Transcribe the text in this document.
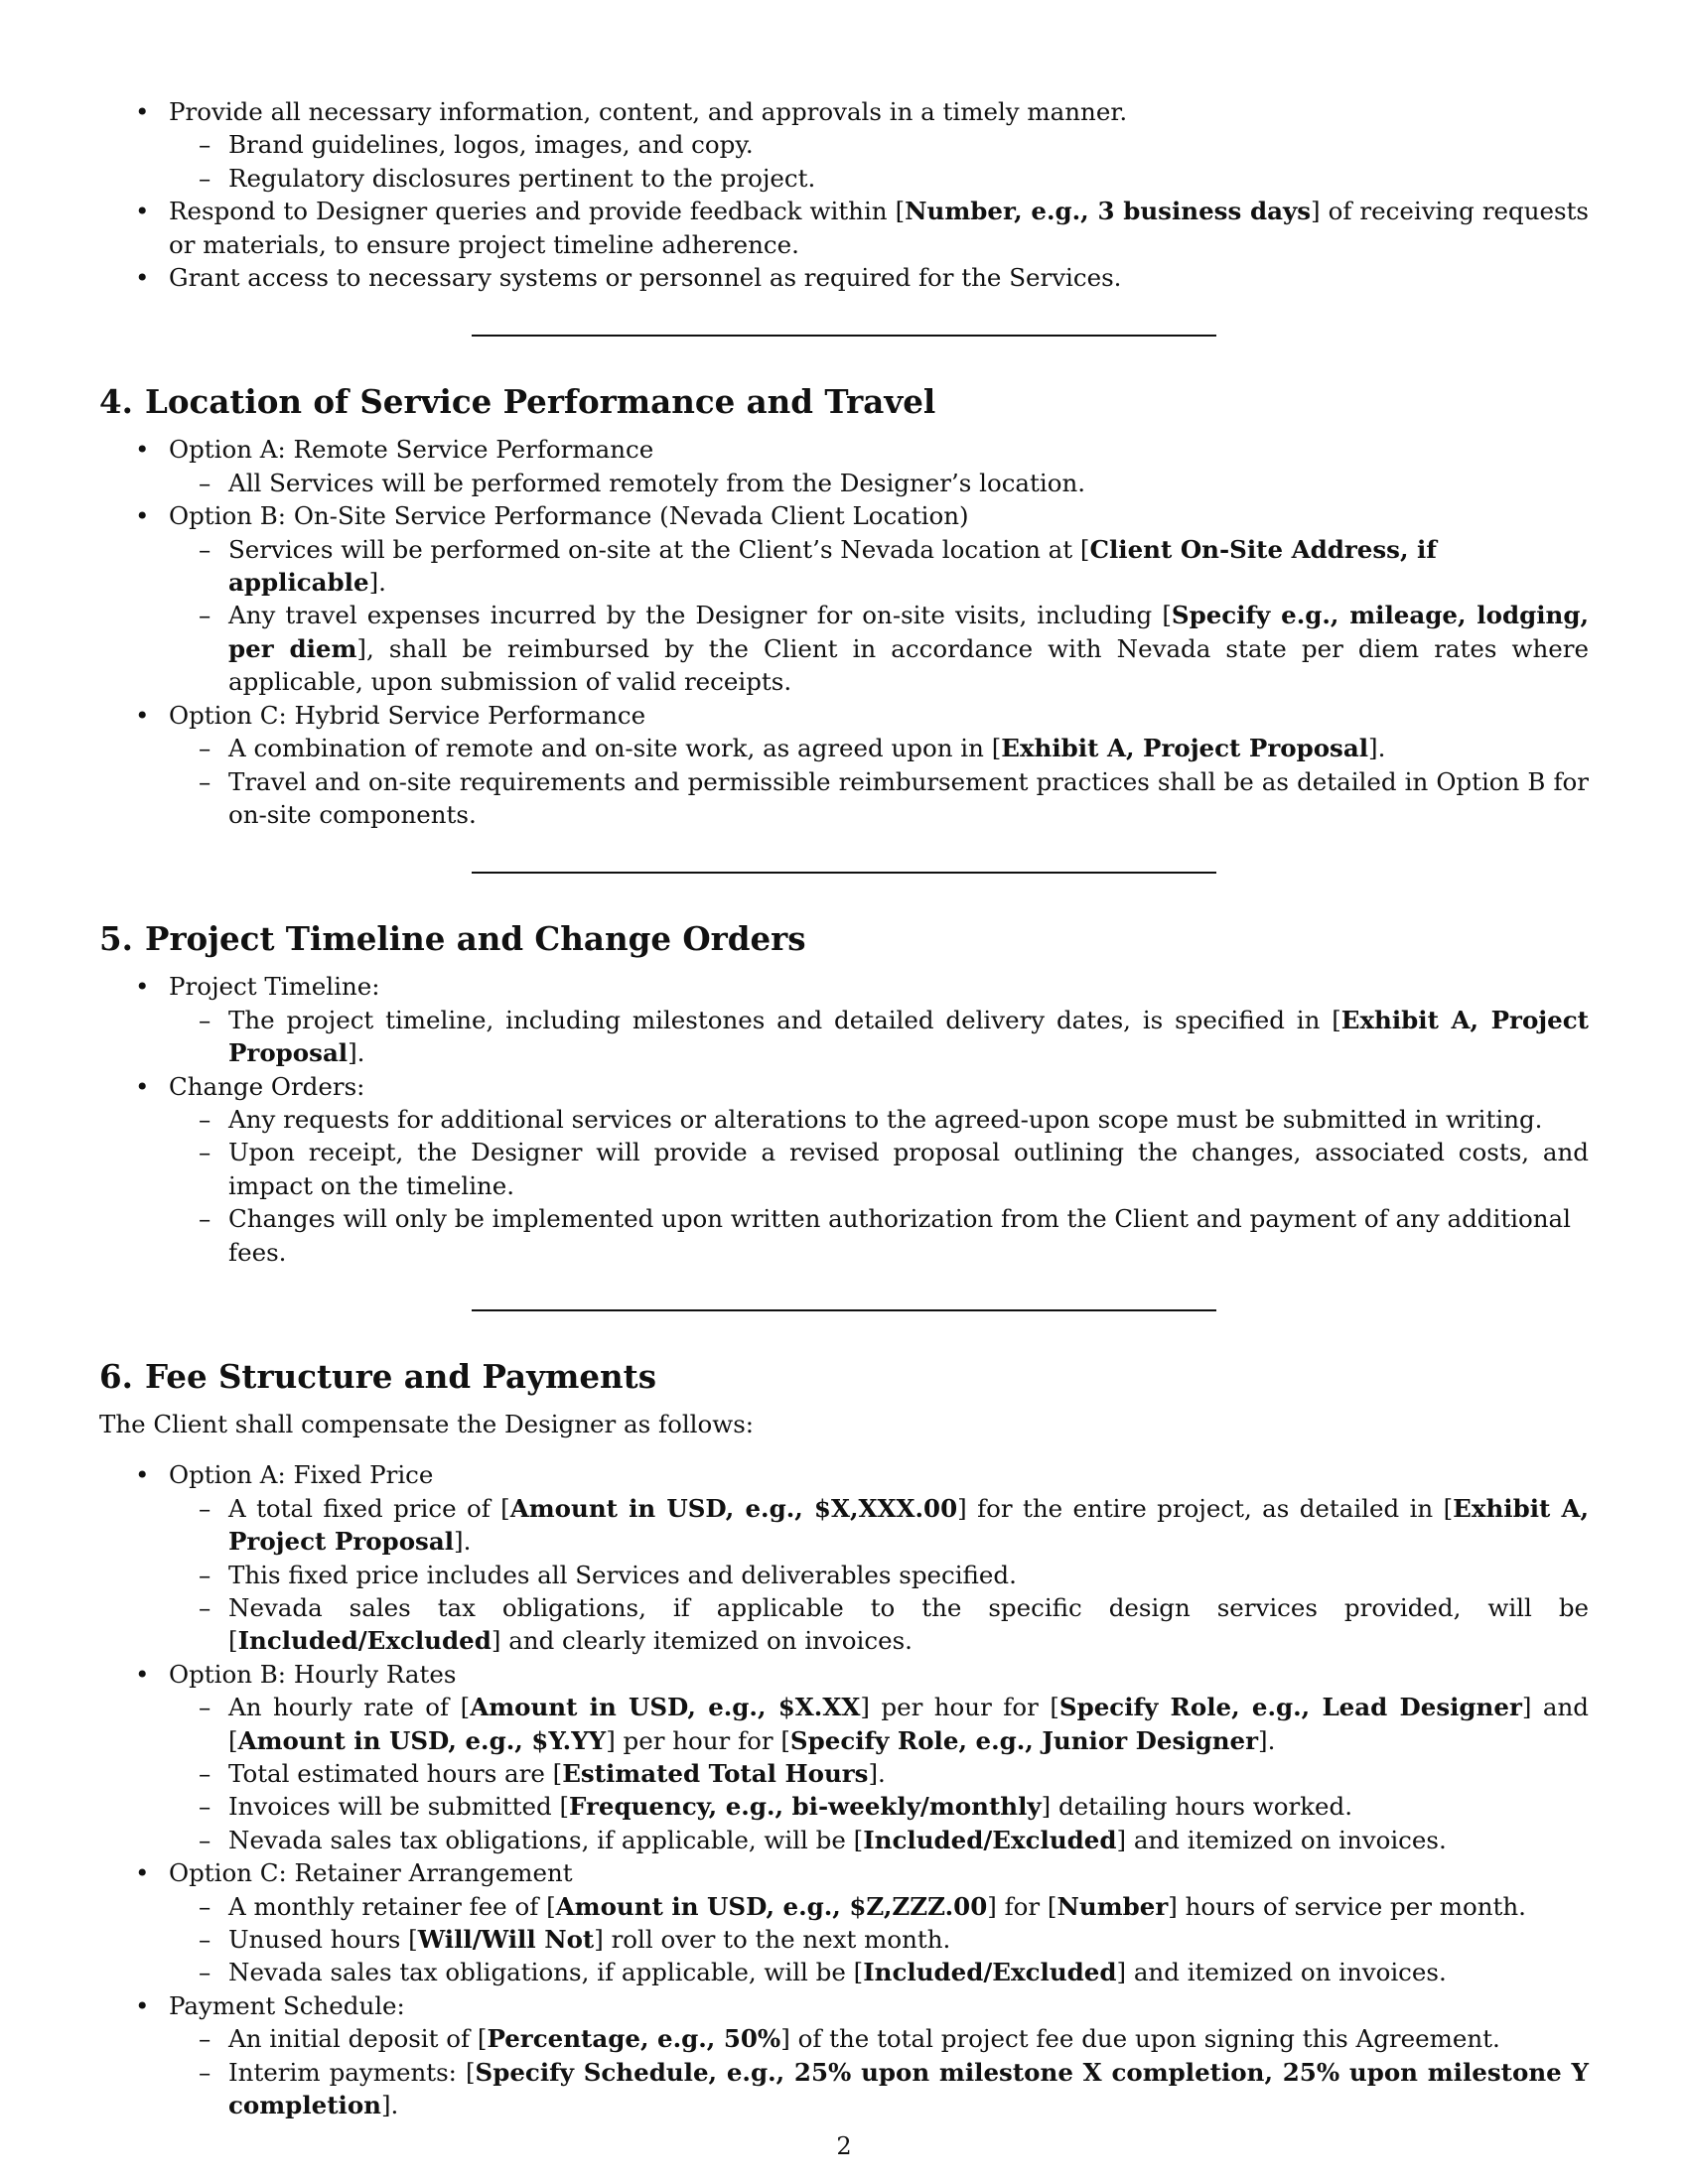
• Provide all necessary information, content, and approvals in a timely manner.
– Brand guidelines, logos, images, and copy.
– Regulatory disclosures pertinent to the project.
• Respond to Designer queries and provide feedback within [Number, e.g., 3 business days] of receiving requests or materials, to ensure project timeline adherence.
• Grant access to necessary systems or personnel as required for the Services.
4. Location of Service Performance and Travel
• Option A: Remote Service Performance
– All Services will be performed remotely from the Designer’s location.
• Option B: On-Site Service Performance (Nevada Client Location)
– Services will be performed on-site at the Client’s Nevada location at [Client On-Site Address, if applicable].
– Any travel expenses incurred by the Designer for on-site visits, including [Specify e.g., mileage, lodging, per diem], shall be reimbursed by the Client in accordance with Nevada state per diem rates where applicable, upon submission of valid receipts.
• Option C: Hybrid Service Performance
– A combination of remote and on-site work, as agreed upon in [Exhibit A, Project Proposal].
– Travel and on-site requirements and permissible reimbursement practices shall be as detailed in Option B for on-site components.
5. Project Timeline and Change Orders
• Project Timeline:
– The project timeline, including milestones and detailed delivery dates, is specified in [Exhibit A, Project Proposal].
• Change Orders:
– Any requests for additional services or alterations to the agreed-upon scope must be submitted in writing.
– Upon receipt, the Designer will provide a revised proposal outlining the changes, associated costs, and impact on the timeline.
– Changes will only be implemented upon written authorization from the Client and payment of any additional fees.
6. Fee Structure and Payments

The Client shall compensate the Designer as follows:

• Option A: Fixed Price
– A total fixed price of [Amount in USD, e.g., $X,XXX.00] for the entire project, as detailed in [Exhibit A, Project Proposal].
– This fixed price includes all Services and deliverables specified.
– Nevada sales tax obligations, if applicable to the specific design services provided, will be [Included/Excluded] and clearly itemized on invoices.
• Option B: Hourly Rates
– An hourly rate of [Amount in USD, e.g., $X.XX] per hour for [Specify Role, e.g., Lead Designer] and [Amount in USD, e.g., $Y.YY] per hour for [Specify Role, e.g., Junior Designer].
– Total estimated hours are [Estimated Total Hours].
– Invoices will be submitted [Frequency, e.g., bi-weekly/monthly] detailing hours worked.
– Nevada sales tax obligations, if applicable, will be [Included/Excluded] and itemized on invoices.
• Option C: Retainer Arrangement
– A monthly retainer fee of [Amount in USD, e.g., $Z,ZZZ.00] for [Number] hours of service per month.
– Unused hours [Will/Will Not] roll over to the next month.
– Nevada sales tax obligations, if applicable, will be [Included/Excluded] and itemized on invoices.
• Payment Schedule:
– An initial deposit of [Percentage, e.g., 50%] of the total project fee due upon signing this Agreement.
– Interim payments: [Specify Schedule, e.g., 25% upon milestone X completion, 25% upon milestone Y completion].
2
